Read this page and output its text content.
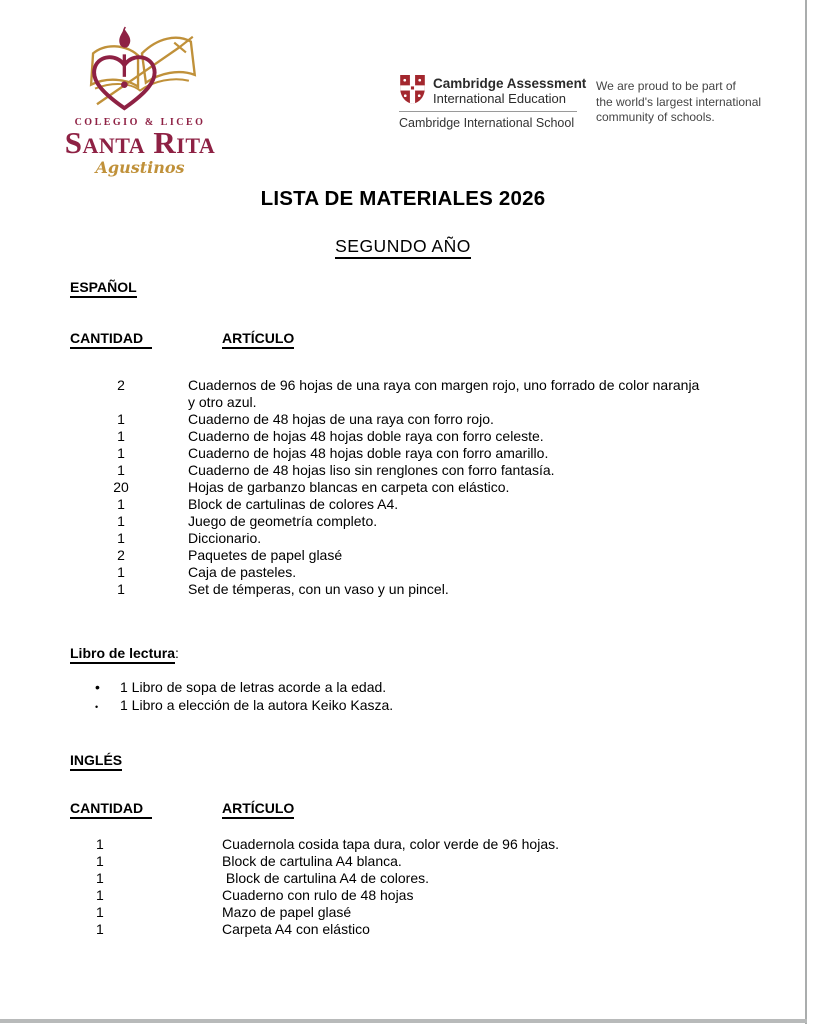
COLEGIO & LICEO
Santa Rita
Agustinos
Cambridge Assessment
International Education
Cambridge International School
We are proud to be part of
the world's largest international
community of schools.
LISTA DE MATERIALES 2026
SEGUNDO AÑO
ESPAÑOL
CANTIDAD	ARTÍCULO
2	Cuadernos de 96 hojas de una raya con margen rojo, uno forrado de color naranja y otro azul.
1	Cuaderno de 48 hojas de una raya con forro rojo.
1	Cuaderno de hojas 48 hojas doble raya con forro celeste.
1	Cuaderno de hojas 48 hojas doble raya con forro amarillo.
1	Cuaderno de 48 hojas liso sin renglones con forro fantasía.
20	Hojas de garbanzo blancas en carpeta con elástico.
1	Block de cartulinas de colores A4.
1	Juego de geometría completo.
1	Diccionario.
2	Paquetes de papel glasé
1	Caja de pasteles.
1	Set de témperas, con un vaso y un pincel.
Libro de lectura:
•	1 Libro de sopa de letras acorde a la edad.
•	1 Libro a elección de la autora Keiko Kasza.
INGLÉS
CANTIDAD	ARTÍCULO
1	Cuadernola cosida tapa dura, color verde de 96 hojas.
1	Block de cartulina A4 blanca.
1	Block de cartulina A4 de colores.
1	Cuaderno con rulo de 48 hojas
1	Mazo de papel glasé
1	Carpeta A4 con elástico
